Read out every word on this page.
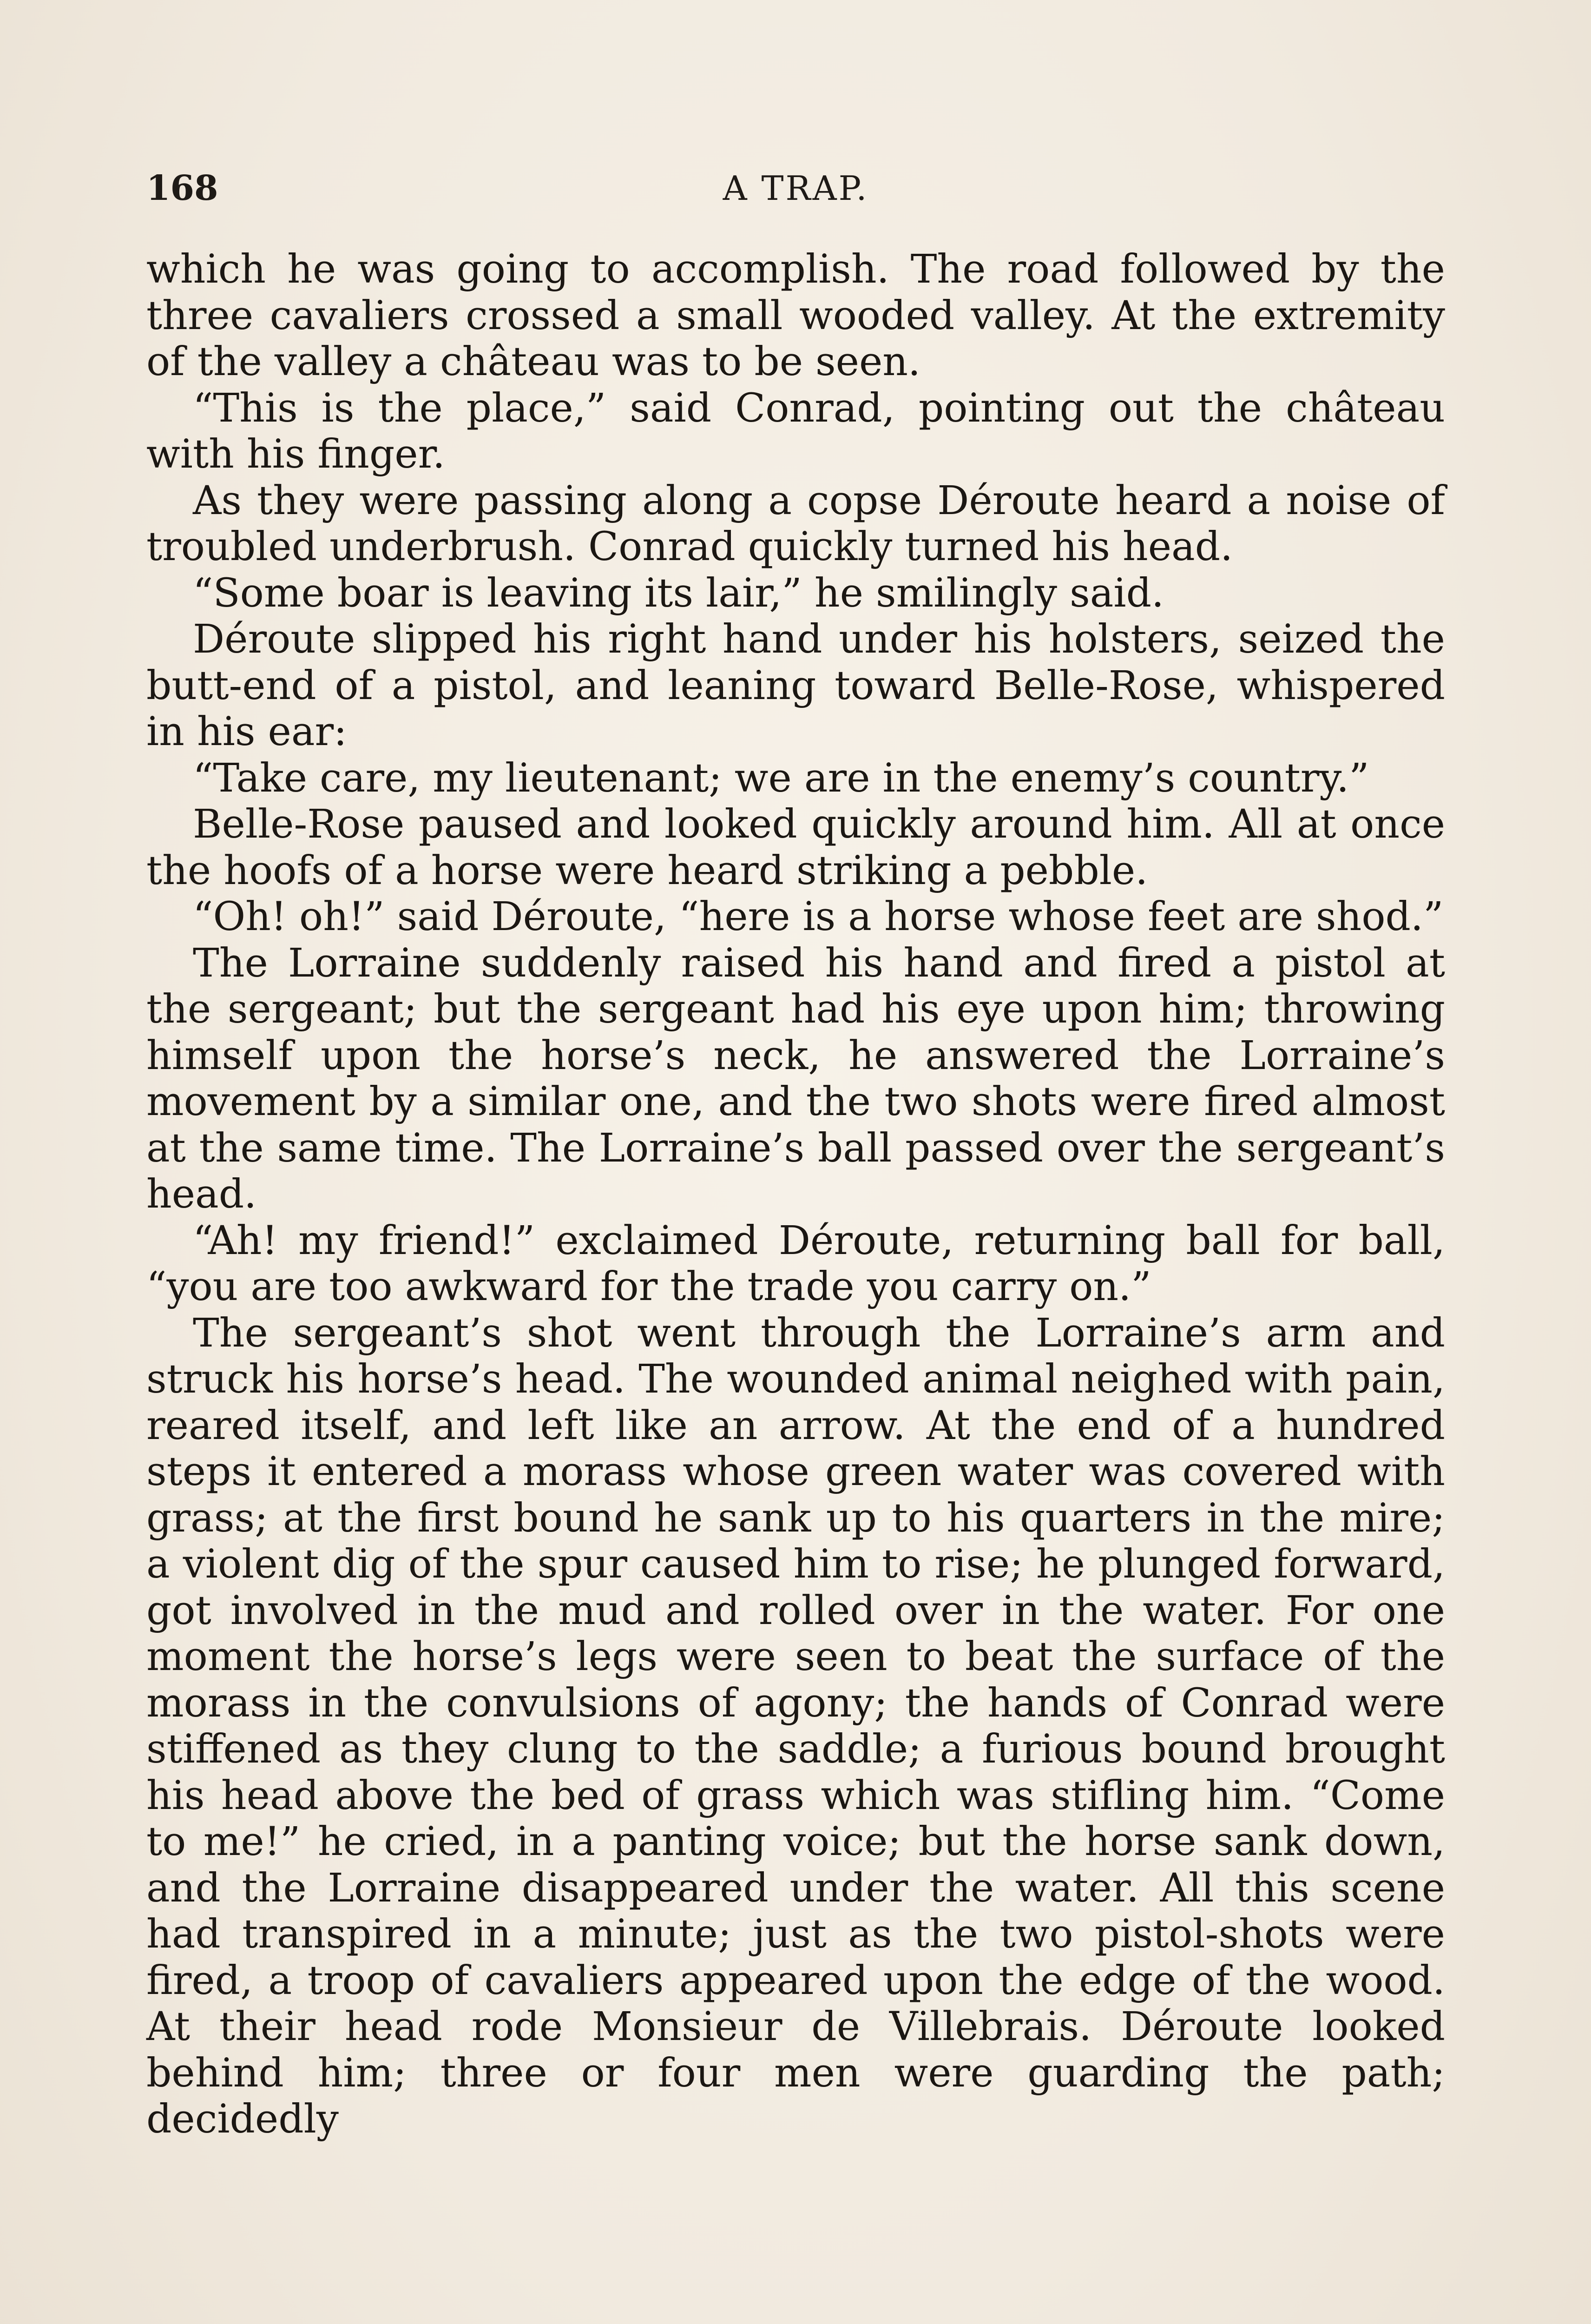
168	A TRAP.

which he was going to accomplish. The road followed by the three cavaliers crossed a small wooded valley. At the extremity of the valley a château was to be seen.

“This is the place,” said Conrad, pointing out the château with his finger.

As they were passing along a copse Déroute heard a noise of troubled underbrush. Conrad quickly turned his head.

“Some boar is leaving its lair,” he smilingly said.

Déroute slipped his right hand under his holsters, seized the butt-end of a pistol, and leaning toward Belle-Rose, whispered in his ear:

“Take care, my lieutenant; we are in the enemy’s country.”

Belle-Rose paused and looked quickly around him. All at once the hoofs of a horse were heard striking a pebble.

“Oh! oh!” said Déroute, “here is a horse whose feet are shod.”

The Lorraine suddenly raised his hand and fired a pistol at the sergeant; but the sergeant had his eye upon him; throwing himself upon the horse’s neck, he answered the Lorraine’s movement by a similar one, and the two shots were fired almost at the same time. The Lorraine’s ball passed over the sergeant’s head.

“Ah! my friend!” exclaimed Déroute, returning ball for ball, “you are too awkward for the trade you carry on.”

The sergeant’s shot went through the Lorraine’s arm and struck his horse’s head. The wounded animal neighed with pain, reared itself, and left like an arrow. At the end of a hundred steps it entered a morass whose green water was covered with grass; at the first bound he sank up to his quarters in the mire; a violent dig of the spur caused him to rise; he plunged forward, got involved in the mud and rolled over in the water. For one moment the horse’s legs were seen to beat the surface of the morass in the convulsions of agony; the hands of Conrad were stiffened as they clung to the saddle; a furious bound brought his head above the bed of grass which was stifling him. “Come to me!” he cried, in a panting voice; but the horse sank down, and the Lorraine disappeared under the water. All this scene had transpired in a minute; just as the two pistol-shots were fired, a troop of cavaliers appeared upon the edge of the wood. At their head rode Monsieur de Villebrais. Déroute looked behind him; three or four men were guarding the path; decidedly
